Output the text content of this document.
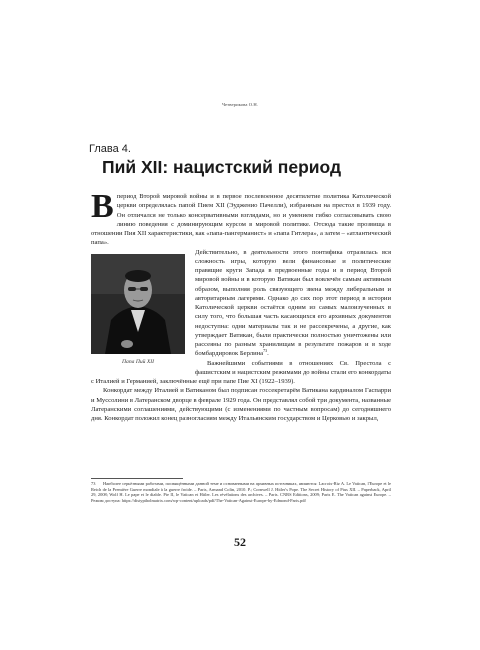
Четверикова О.Н.
Глава 4.
Пий XII: нацистский период

Впериод Второй мировой войны и в первое послевоенное десятилетие политика Католической церкви определялась папой Пием XII (Эудженио Пачелли), избранным на престол в 1939 году. Он отличался не только консервативными взглядами, но и умением гибко согласовывать свою линию поведения с доминирующим курсом в мировой политике. Отсюда такие прозвища в отношении Пия XII характеристики, как «папа-пангерманист» и «папа Гитлера», а затем – «атлантический папа».

Папа Пий XII

Действительно, в деятельности этого понтифика отразилась вся сложность игры, которую вели финансовые и политические правящие круги Запада в предвоенные годы и в период Второй мировой войны и в которую Ватикан был вовлечён самым активным образом, выполняя роль связующего звена между либеральным и авторитарным лагерями. Однако до сих пор этот период в истории Католической церкви остаётся одним из самых малоизученных в силу того, что большая часть касающихся его архивных документов недоступна: одни материалы так и не рассекречены, а другие, как утверждает Ватикан, были практически полностью уничтожены или рассеяны по разным хранилищам в результате пожаров и в ходе бомбардировок Берлина$^{73}$.

Важнейшими событиями в отношениях Св. Престола с фашистским и нацистским режимами до войны стали его конкордаты с Италией и Германией, заключённые ещё при папе Пие XI (1922–1939).

Конкордат между Италией и Ватиканом был подписан госсекретарём Ватикана кардиналом Гаспарри и Муссолини в Латеранском дворце в феврале 1929 года. Он представлял собой три документа, названные Латеранскими соглашениями, действующими (с изменениями по частным вопросам) до сегодняшнего дня. Конкордат положил конец разногласиям между Итальянским государством и Церковью и закрыл,

73 Наиболее серьёзными работами, посвящёнными данной теме и основанными на архивных источниках, являются: Lacroix-Riz A. Le Vatican, l'Europe et le Reich de la Première Guerre mondiale à la guerre froide. – Paris, Armand Colin, 2010. P.; Cornwell J. Hitler's Pope. The Secret History of Pius XII. – Paperback, April 29, 2008; Wolf H. Le pape et le diable. Pie II, le Vatican et Hitler. Les révélations des archives. – Paris. CNRS Editions, 2009; Paris E. The Vatican against Europe. – Режим доступа: https://distyptholmatrix.com/wp-content/uploads/pdf/The-Vatican-Against-Europe-by-Edmond-Paris.pdf
52
